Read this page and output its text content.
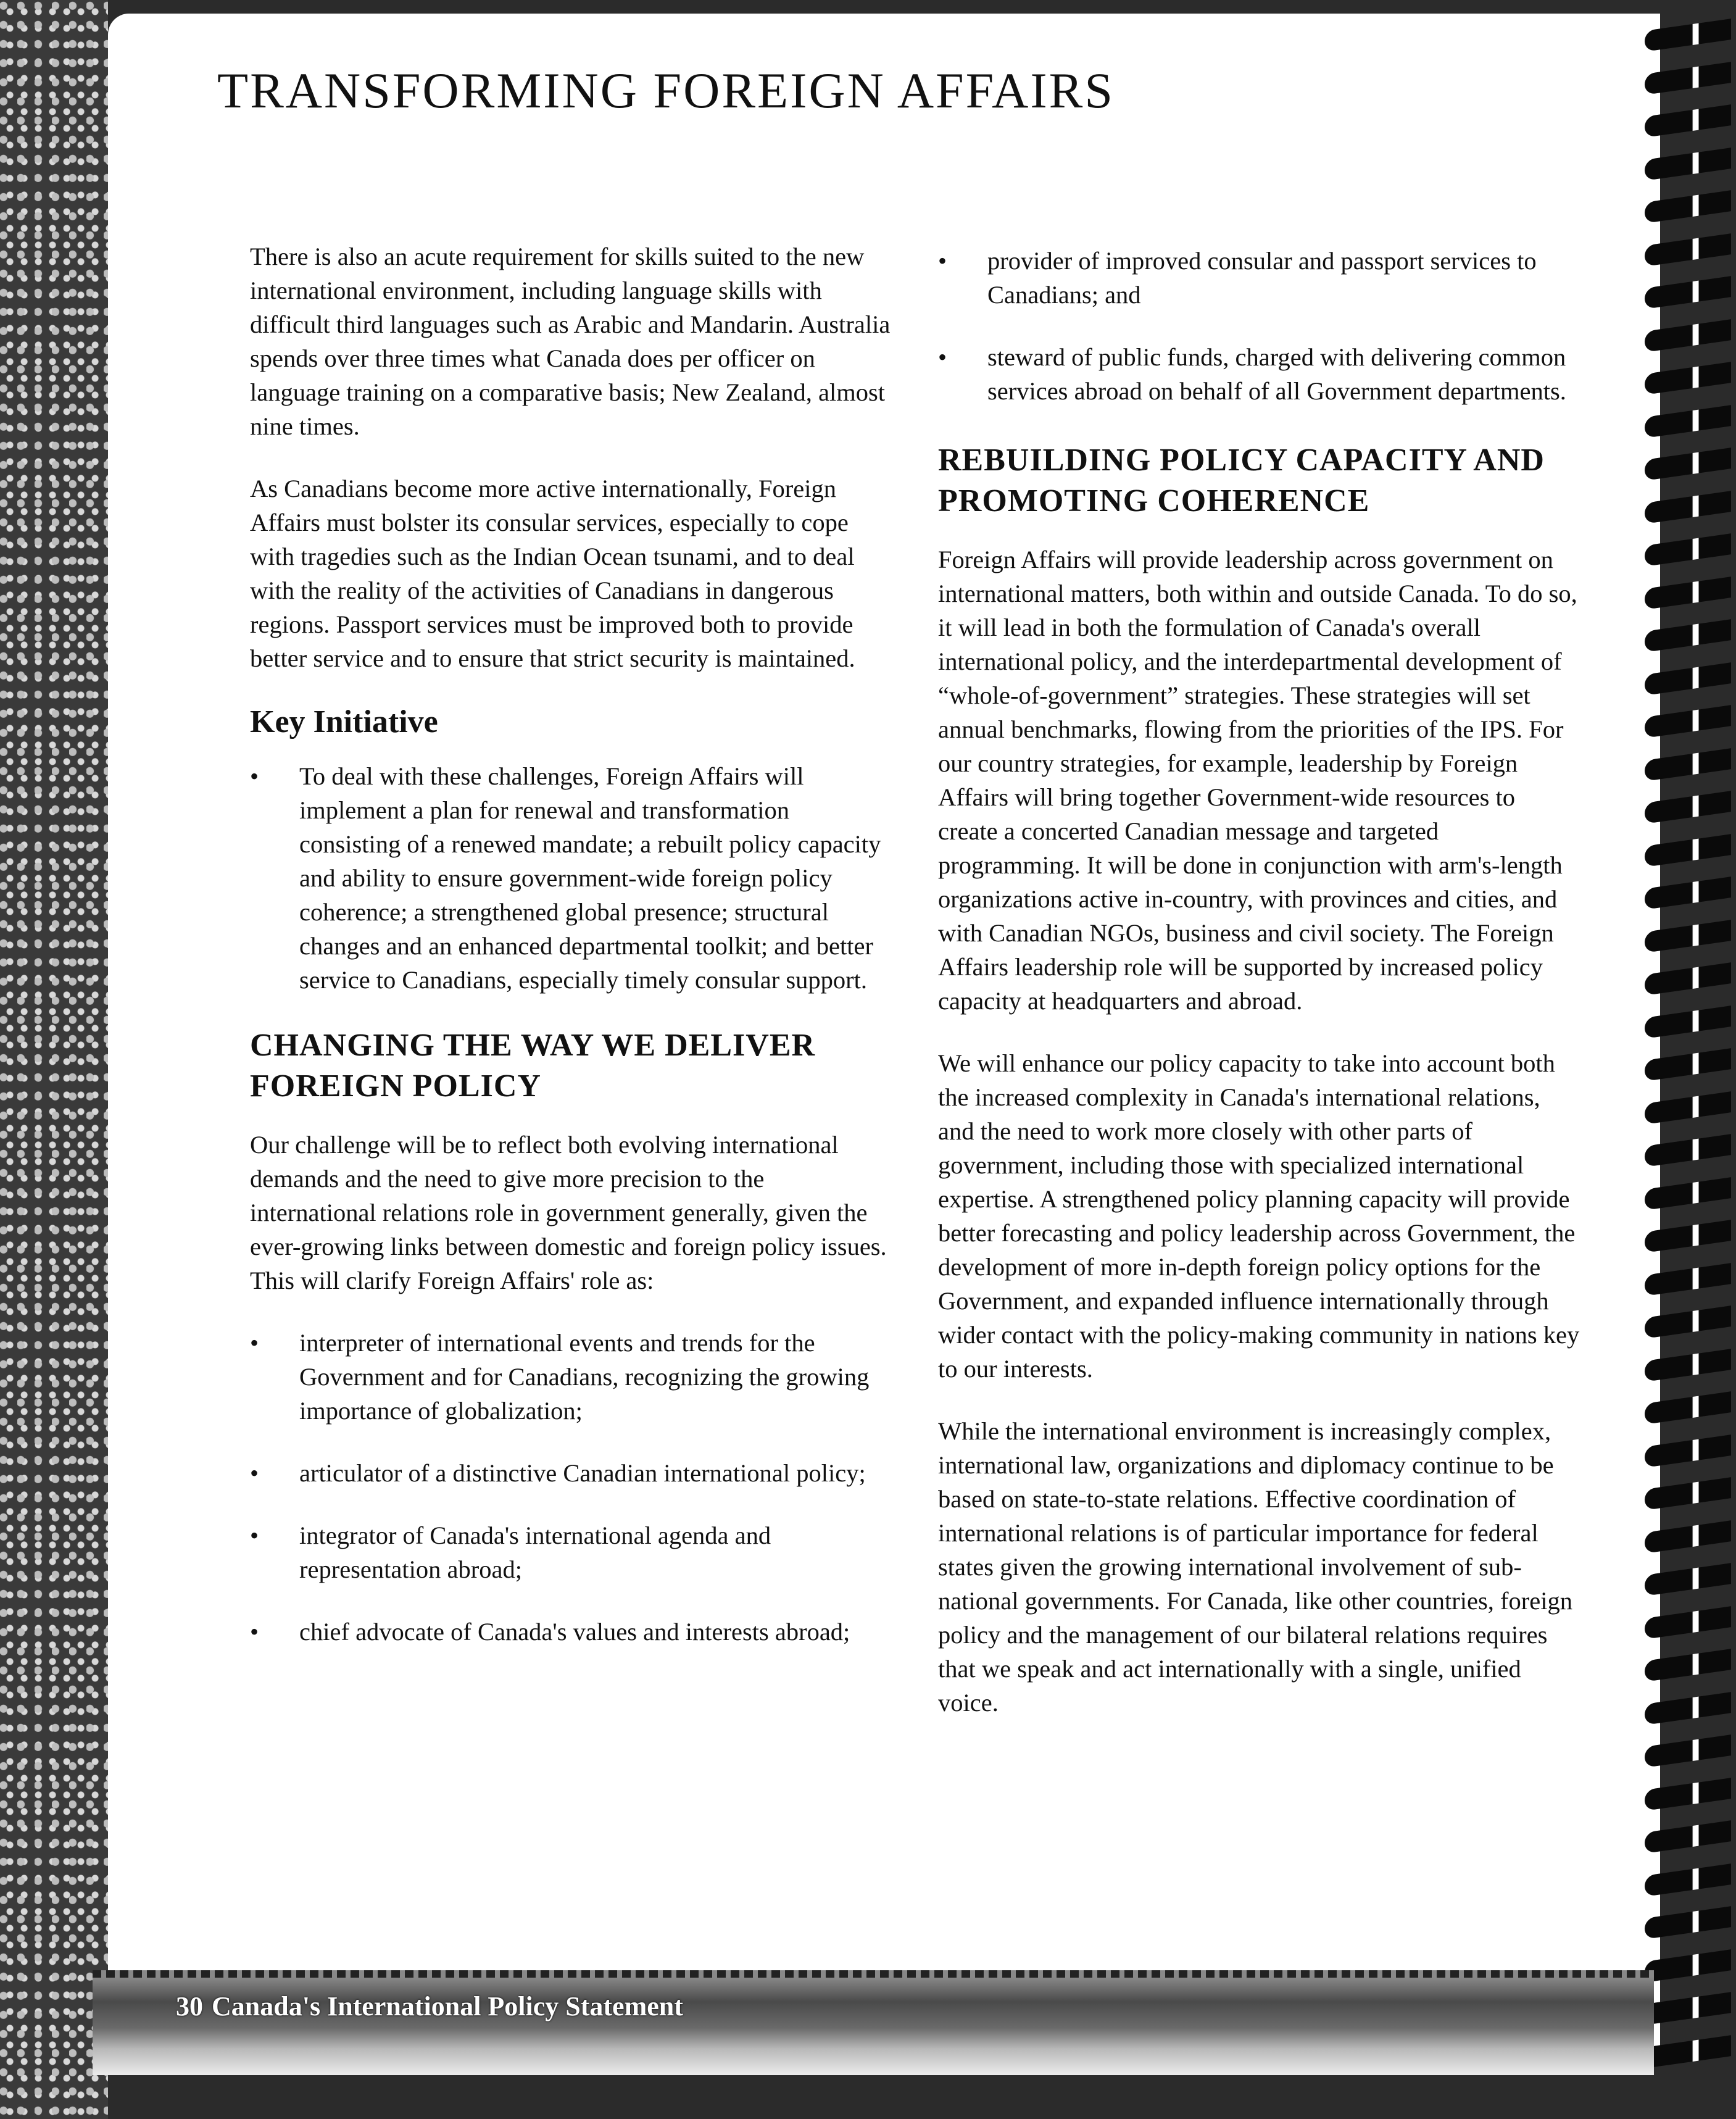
TRANSFORMING FOREIGN AFFAIRS

There is also an acute requirement for skills suited to the new international environment, including language skills with difficult third languages such as Arabic and Mandarin. Australia spends over three times what Canada does per officer on language training on a comparative basis; New Zealand, almost nine times.

As Canadians become more active internationally, Foreign Affairs must bolster its consular services, especially to cope with tragedies such as the Indian Ocean tsunami, and to deal with the reality of the activities of Canadians in dangerous regions. Passport services must be improved both to provide better service and to ensure that strict security is maintained.

Key Initiative
• To deal with these challenges, Foreign Affairs will implement a plan for renewal and transformation consisting of a renewed mandate; a rebuilt policy capacity and ability to ensure government-wide foreign policy coherence; a strengthened global presence; structural changes and an enhanced departmental toolkit; and better service to Canadians, especially timely consular support.
CHANGING THE WAY WE DELIVER FOREIGN POLICY

Our challenge will be to reflect both evolving international demands and the need to give more precision to the international relations role in government generally, given the ever-growing links between domestic and foreign policy issues. This will clarify Foreign Affairs' role as:

• interpreter of international events and trends for the Government and for Canadians, recognizing the growing importance of globalization;
• articulator of a distinctive Canadian international policy;
• integrator of Canada's international agenda and representation abroad;
• chief advocate of Canada's values and interests abroad;
• provider of improved consular and passport services to Canadians; and
• steward of public funds, charged with delivering common services abroad on behalf of all Government departments.
REBUILDING POLICY CAPACITY AND PROMOTING COHERENCE

Foreign Affairs will provide leadership across government on international matters, both within and outside Canada. To do so, it will lead in both the formulation of Canada's overall international policy, and the interdepartmental development of “whole-of-government” strategies. These strategies will set annual benchmarks, flowing from the priorities of the IPS. For our country strategies, for example, leadership by Foreign Affairs will bring together Government-wide resources to create a concerted Canadian message and targeted programming. It will be done in conjunction with arm's-length organizations active in-country, with provinces and cities, and with Canadian NGOs, business and civil society. The Foreign Affairs leadership role will be supported by increased policy capacity at headquarters and abroad.

We will enhance our policy capacity to take into account both the increased complexity in Canada's international relations, and the need to work more closely with other parts of government, including those with specialized international expertise. A strengthened policy planning capacity will provide better forecasting and policy leadership across Government, the development of more in-depth foreign policy options for the Government, and expanded influence internationally through wider contact with the policy-making community in nations key to our interests.

While the international environment is increasingly complex, international law, organizations and diplomacy continue to be based on state-to-state relations. Effective coordination of international relations is of particular importance for federal states given the growing international involvement of sub-national governments. For Canada, like other countries, foreign policy and the management of our bilateral relations requires that we speak and act internationally with a single, unified voice.

30 Canada's International Policy Statement
